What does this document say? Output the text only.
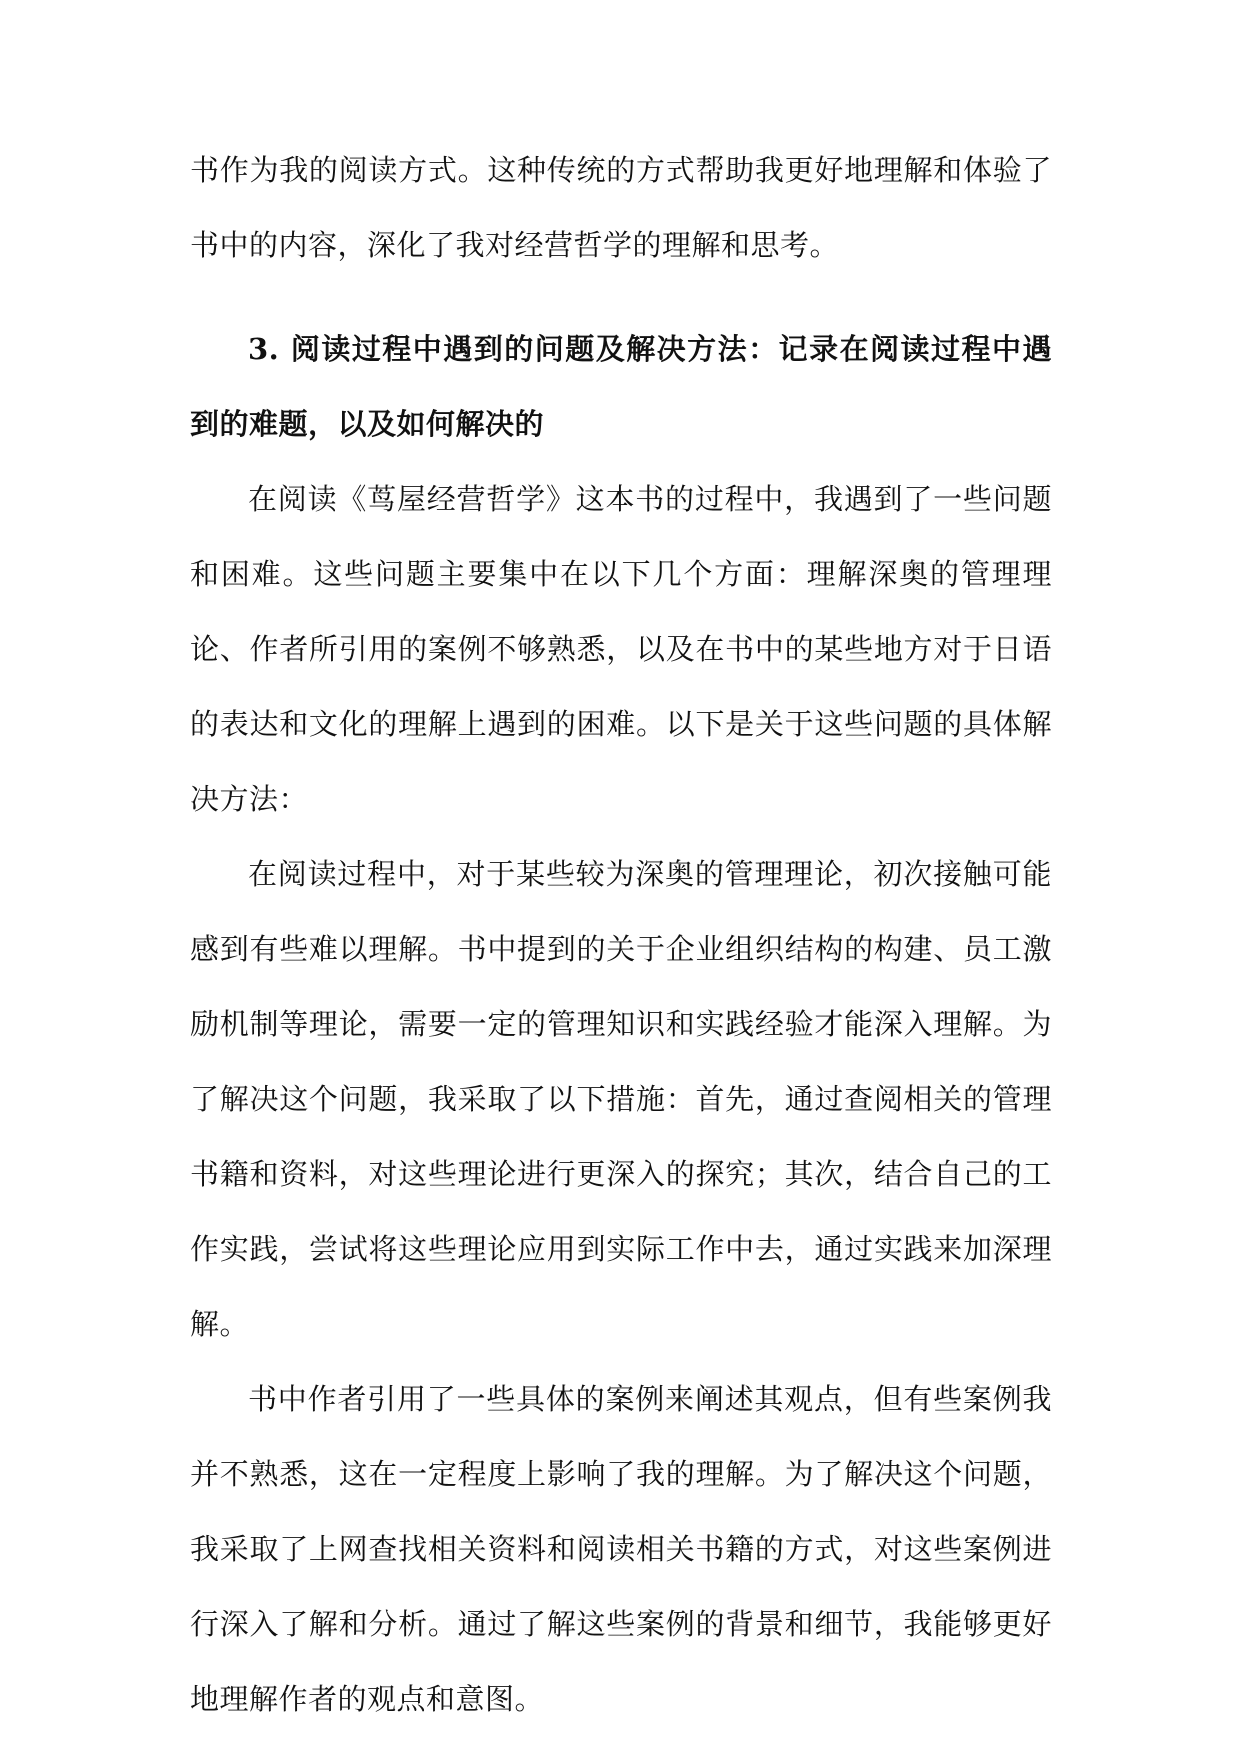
书作为我的阅读方式。这种传统的方式帮助我更好地理解和体验了书中的内容，深化了我对经营哲学的理解和思考。

3. 阅读过程中遇到的问题及解决方法：记录在阅读过程中遇到的难题，以及如何解决的

在阅读《茑屋经营哲学》这本书的过程中，我遇到了一些问题和困难。这些问题主要集中在以下几个方面：理解深奥的管理理论、作者所引用的案例不够熟悉，以及在书中的某些地方对于日语的表达和文化的理解上遇到的困难。以下是关于这些问题的具体解决方法：

在阅读过程中，对于某些较为深奥的管理理论，初次接触可能感到有些难以理解。书中提到的关于企业组织结构的构建、员工激励机制等理论，需要一定的管理知识和实践经验才能深入理解。为了解决这个问题，我采取了以下措施：首先，通过查阅相关的管理书籍和资料，对这些理论进行更深入的探究；其次，结合自己的工作实践，尝试将这些理论应用到实际工作中去，通过实践来加深理解。

书中作者引用了一些具体的案例来阐述其观点，但有些案例我并不熟悉，这在一定程度上影响了我的理解。为了解决这个问题，我采取了上网查找相关资料和阅读相关书籍的方式，对这些案例进行深入了解和分析。通过了解这些案例的背景和细节，我能够更好地理解作者的观点和意图。
